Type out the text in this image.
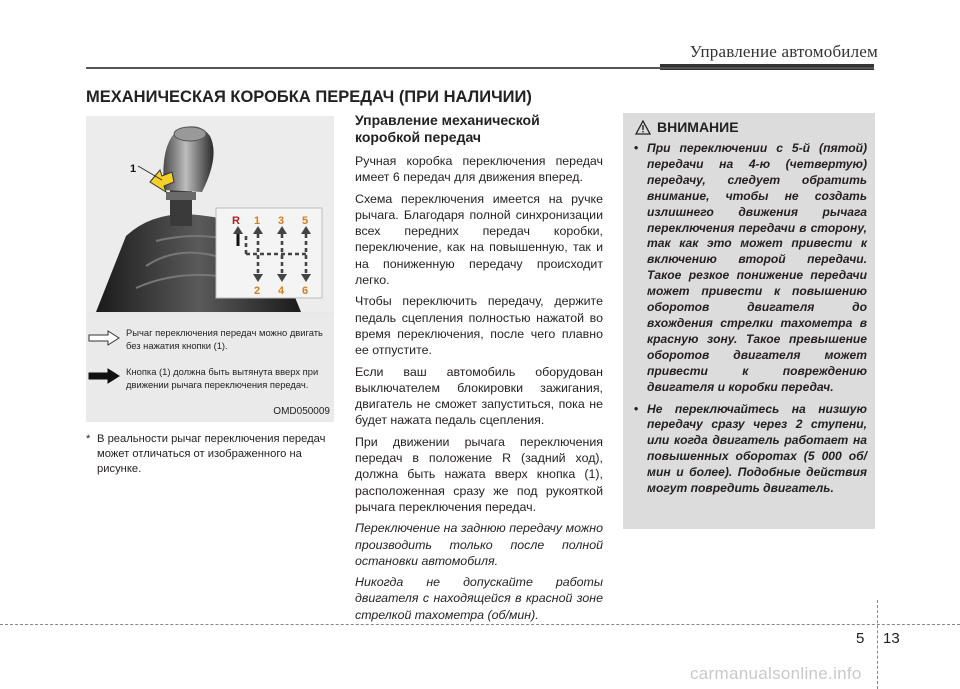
Управление автомобилем
МЕХАНИЧЕСКАЯ КОРОБКА ПЕРЕДАЧ (ПРИ НАЛИЧИИ)
1
R 1 3 5
2 4 6
Рычаг переключения передач можно двигать без нажатия кнопки (1).
Кнопка (1) должна быть вытянута вверх при движении рычага переключения передач.
OMD050009
* В реальности рычаг переключения передач может отличаться от изображенного на рисунке.
Управление механической коробкой передач

Ручная коробка переключения передач имеет 6 передач для движения вперед.

Схема переключения имеется на ручке рычага. Благодаря полной синхронизации всех передних передач коробки, переключение, как на повышенную, так и на пониженную передачу происходит легко.

Чтобы переключить передачу, держите педаль сцепления полностью нажатой во время переключения, после чего плавно ее отпустите.

Если ваш автомобиль оборудован выключателем блокировки зажигания, двигатель не сможет запуститься, пока не будет нажата педаль сцепления.

При движении рычага переключения передач в положение R (задний ход), должна быть нажата вверх кнопка (1), расположенная сразу же под рукояткой рычага переключения передач.

Переключение на заднюю передачу можно производить только после полной остановки автомобиля.

Никогда не допускайте работы двигателя с находящейся в красной зоне стрелкой тахометра (об/мин).

ВНИМАНИЕ
• При переключении с 5-й (пятой) передачи на 4-ю (четвертую) передачу, следует обратить внимание, чтобы не создать излишнего движения рычага переключения передачи в сторону, так как это может привести к включению второй передачи. Такое резкое понижение передачи может привести к повышению оборотов двигателя до вхождения стрелки тахометра в красную зону. Такое превышение оборотов двигателя может привести к повреждению двигателя и коробки передач.
• Не переключайтесь на низшую передачу сразу через 2 ступени, или когда двигатель работает на повышенных оборотах (5 000 об/мин и более). Подобные действия могут повредить двигатель.
5 13
carmanualsonline.info
